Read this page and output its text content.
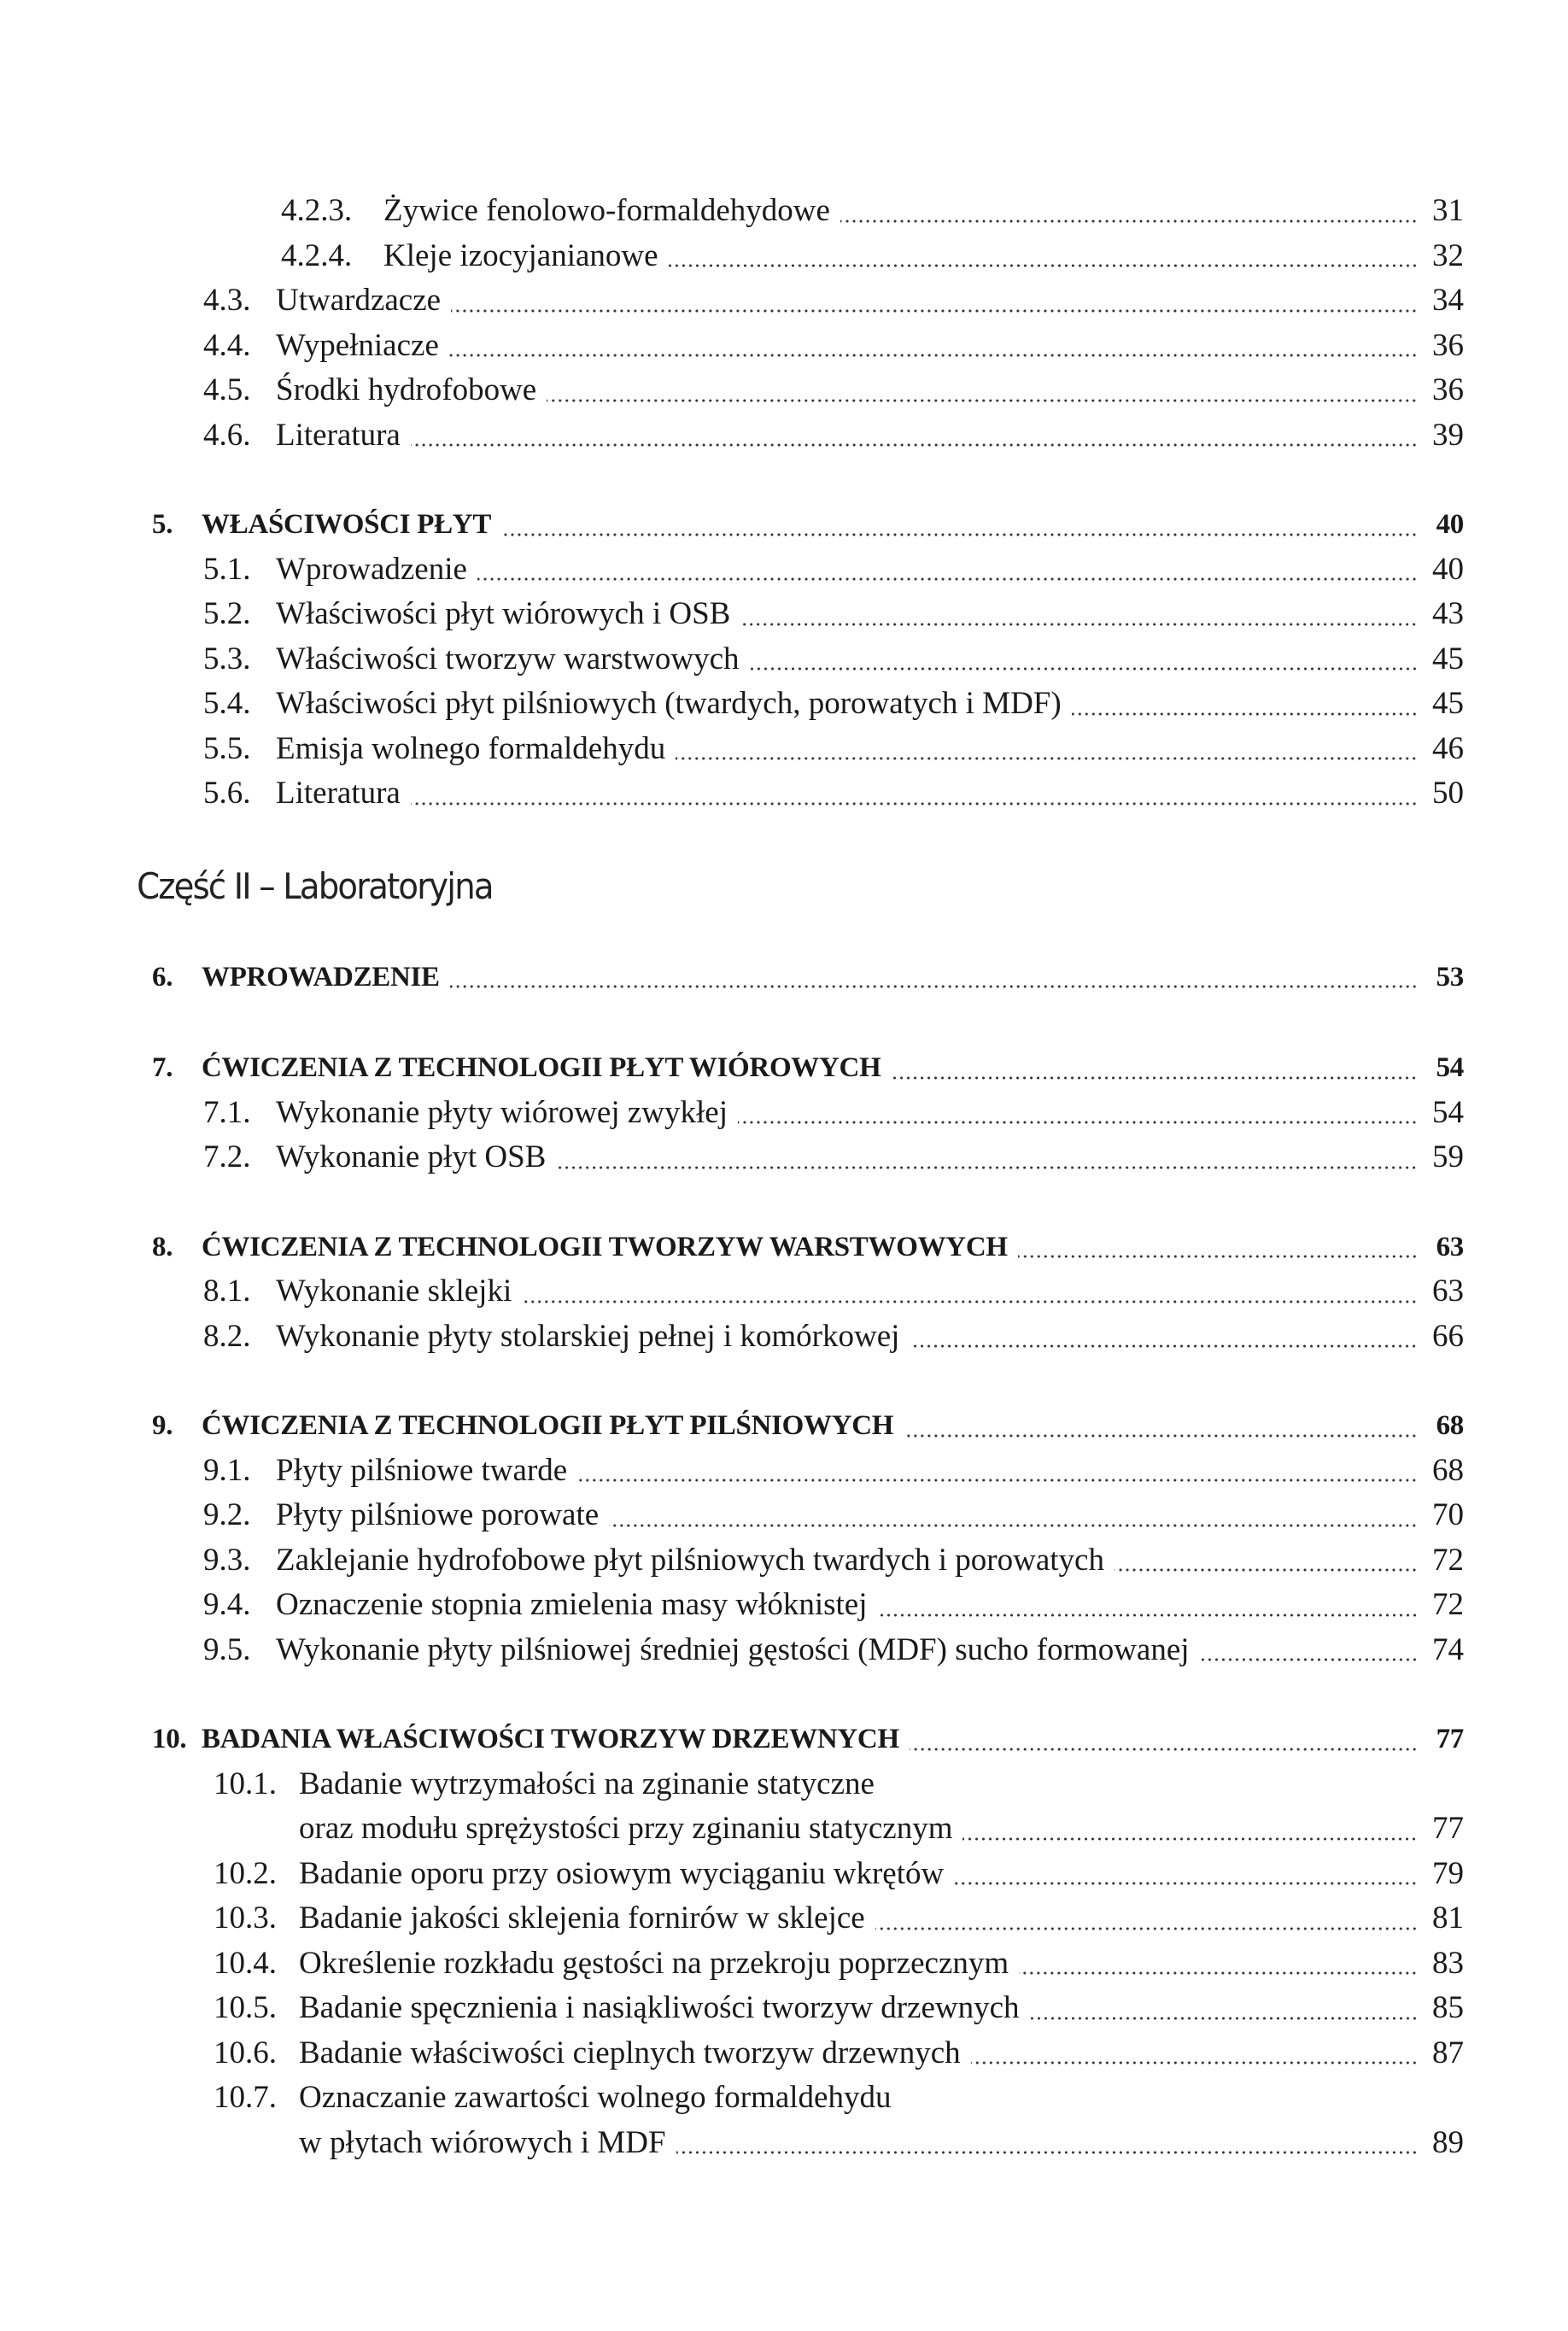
4.2.3. Żywice fenolowo-formaldehydowe	31
4.2.4. Kleje izocyjanianowe	32
4.3. Utwardzacze	34
4.4. Wypełniacze	36
4.5. Środki hydrofobowe	36
4.6. Literatura	39
5. WŁAŚCIWOŚCI PŁYT	40
5.1. Wprowadzenie	40
5.2. Właściwości płyt wiórowych i OSB	43
5.3. Właściwości tworzyw warstwowych	45
5.4. Właściwości płyt pilśniowych (twardych, porowatych i MDF)	45
5.5. Emisja wolnego formaldehydu	46
5.6. Literatura	50
Część II – Laboratoryjna
6. WPROWADZENIE	53
7. ĆWICZENIA Z TECHNOLOGII PŁYT WIÓROWYCH	54
7.1. Wykonanie płyty wiórowej zwykłej	54
7.2. Wykonanie płyt OSB	59
8. ĆWICZENIA Z TECHNOLOGII TWORZYW WARSTWOWYCH	63
8.1. Wykonanie sklejki	63
8.2. Wykonanie płyty stolarskiej pełnej i komórkowej	66
9. ĆWICZENIA Z TECHNOLOGII PŁYT PILŚNIOWYCH	68
9.1. Płyty pilśniowe twarde	68
9.2. Płyty pilśniowe porowate	70
9.3. Zaklejanie hydrofobowe płyt pilśniowych twardych i porowatych	72
9.4. Oznaczenie stopnia zmielenia masy włóknistej	72
9.5. Wykonanie płyty pilśniowej średniej gęstości (MDF) sucho formowanej	74
10. BADANIA WŁAŚCIWOŚCI TWORZYW DRZEWNYCH	77
10.1. Badanie wytrzymałości na zginanie statyczne
oraz modułu sprężystości przy zginaniu statycznym	77
10.2. Badanie oporu przy osiowym wyciąganiu wkrętów	79
10.3. Badanie jakości sklejenia fornirów w sklejce	81
10.4. Określenie rozkładu gęstości na przekroju poprzecznym	83
10.5. Badanie spęcznienia i nasiąkliwości tworzyw drzewnych	85
10.6. Badanie właściwości cieplnych tworzyw drzewnych	87
10.7. Oznaczanie zawartości wolnego formaldehydu
w płytach wiórowych i MDF	89
